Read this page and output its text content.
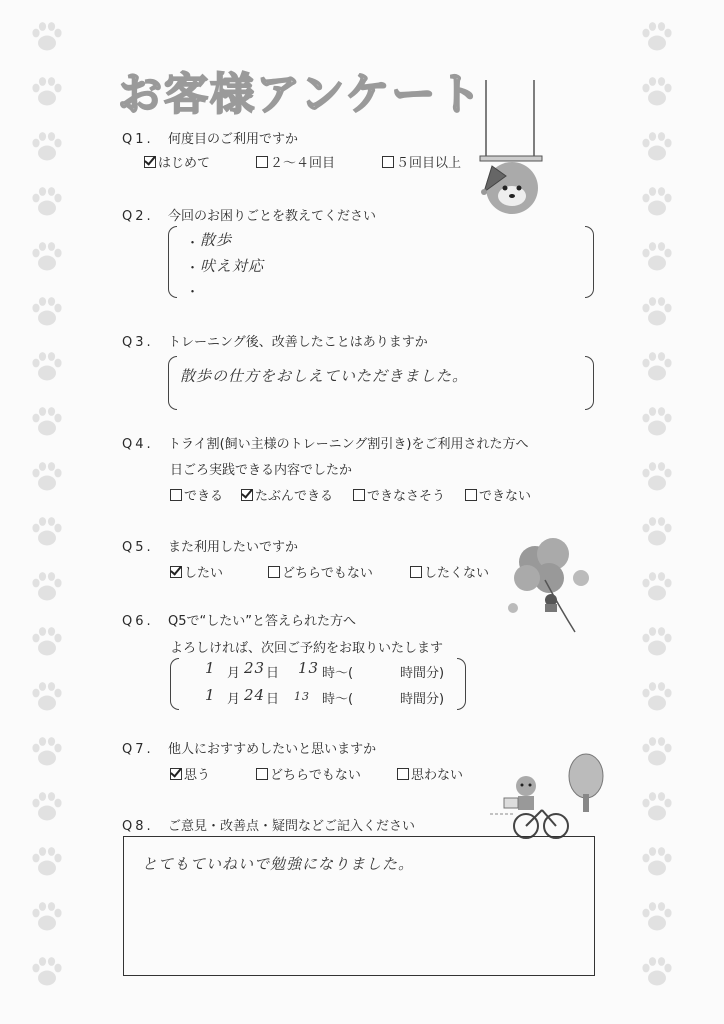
お客様アンケート
Q1. 何度目のご利用ですか
はじめて	２～４回目	５回目以上
Q2. 今回のお困りごとを教えてください
・
・
・
散歩
吠え対応
Q3. トレーニング後、改善したことはありますか
散歩の仕方をおしえていただきました。
Q4. トライ割(飼い主様のトレーニング割引き)をご利用された方へ
日ごろ実践できる内容でしたか
できる たぶんできる	できなさそう	できない
Q5. また利用したいですか
したい	どちらでもない	したくない
Q6. Q5で“したい”と答えられた方へ
よろしければ、次回ご予約をお取りいたします
1 月 23 日 13 時～(	時間分)
1 月 24 日 13 時～(	時間分)
Q7. 他人におすすめしたいと思いますか
思う	どちらでもない	思わない
Q8. ご意見・改善点・疑問などご記入ください
とてもていねいで勉強になりました。
